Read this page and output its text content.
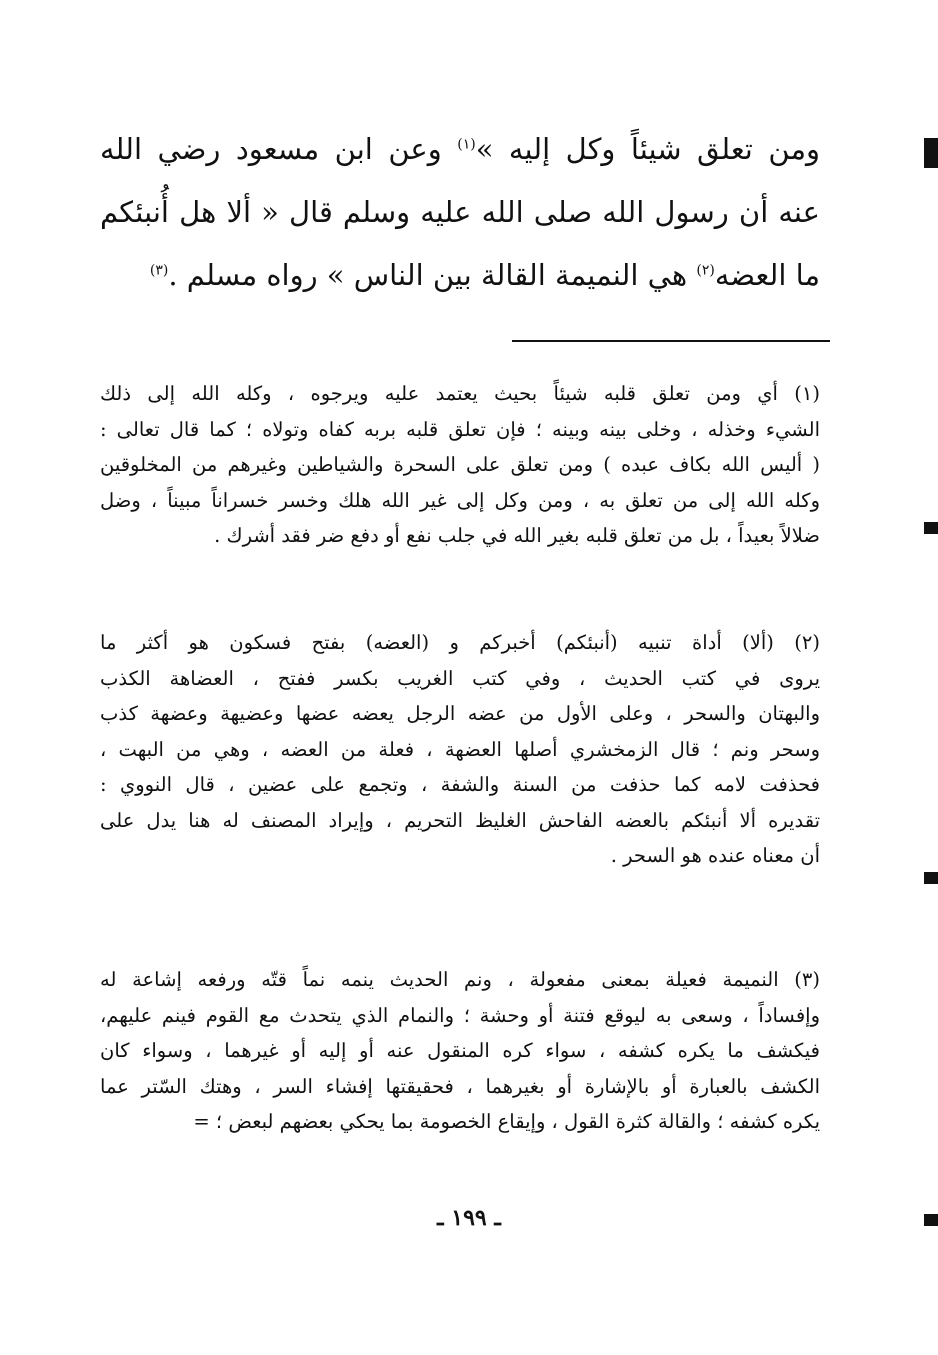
ومن تعلق شيئاً وكل إليه »$^{(١)}$ وعن ابن مسعود رضي الله
عنه أن رسول الله صلى الله عليه وسلم قال « ألا هل أُنبئكم
ما العضه$^{(٢)}$ هي النميمة القالة بين الناس » رواه مسلم .$^{(٣)}$
(١) أي ومن تعلق قلبه شيئاً بحيث يعتمد عليه ويرجوه ، وكله الله إلى ذلك
الشيء وخذله ، وخلى بينه وبينه ؛ فإن تعلق قلبه بربه كفاه وتولاه ؛ كما قال تعالى :
( أليس الله بكاف عبده ) ومن تعلق على السحرة والشياطين وغيرهم من المخلوقين
وكله الله إلى من تعلق به ، ومن وكل إلى غير الله هلك وخسر خسراناً مبيناً ، وضل
ضلالاً بعيداً ، بل من تعلق قلبه بغير الله في جلب نفع أو دفع ضر فقد أشرك .
(٢) (ألا) أداة تنبيه (أنبئكم) أخبركم و (العضه) بفتح فسكون هو أكثر ما
يروى في كتب الحديث ، وفي كتب الغريب بكسر ففتح ، العضاهة الكذب
والبهتان والسحر ، وعلى الأول من عضه الرجل يعضه عضها وعضيهة وعضهة كذب
وسحر ونم ؛ قال الزمخشري أصلها العضهة ، فعلة من العضه ، وهي من البهت ،
فحذفت لامه كما حذفت من السنة والشفة ، وتجمع على عضين ، قال النووي :
تقديره ألا أنبئكم بالعضه الفاحش الغليظ التحريم ، وإيراد المصنف له هنا يدل على
أن معناه عنده هو السحر .
(٣) النميمة فعيلة بمعنى مفعولة ، ونم الحديث ينمه نماً قتّه ورفعه إشاعة له
وإفساداً ، وسعى به ليوقع فتنة أو وحشة ؛ والنمام الذي يتحدث مع القوم فينم عليهم،
فيكشف ما يكره كشفه ، سواء كره المنقول عنه أو إليه أو غيرهما ، وسواء كان
الكشف بالعبارة أو بالإشارة أو بغيرهما ، فحقيقتها إفشاء السر ، وهتك السّتر عما
يكره كشفه ؛ والقالة كثرة القول ، وإيقاع الخصومة بما يحكي بعضهم لبعض ؛ =
ـ ١٩٩ ـ
